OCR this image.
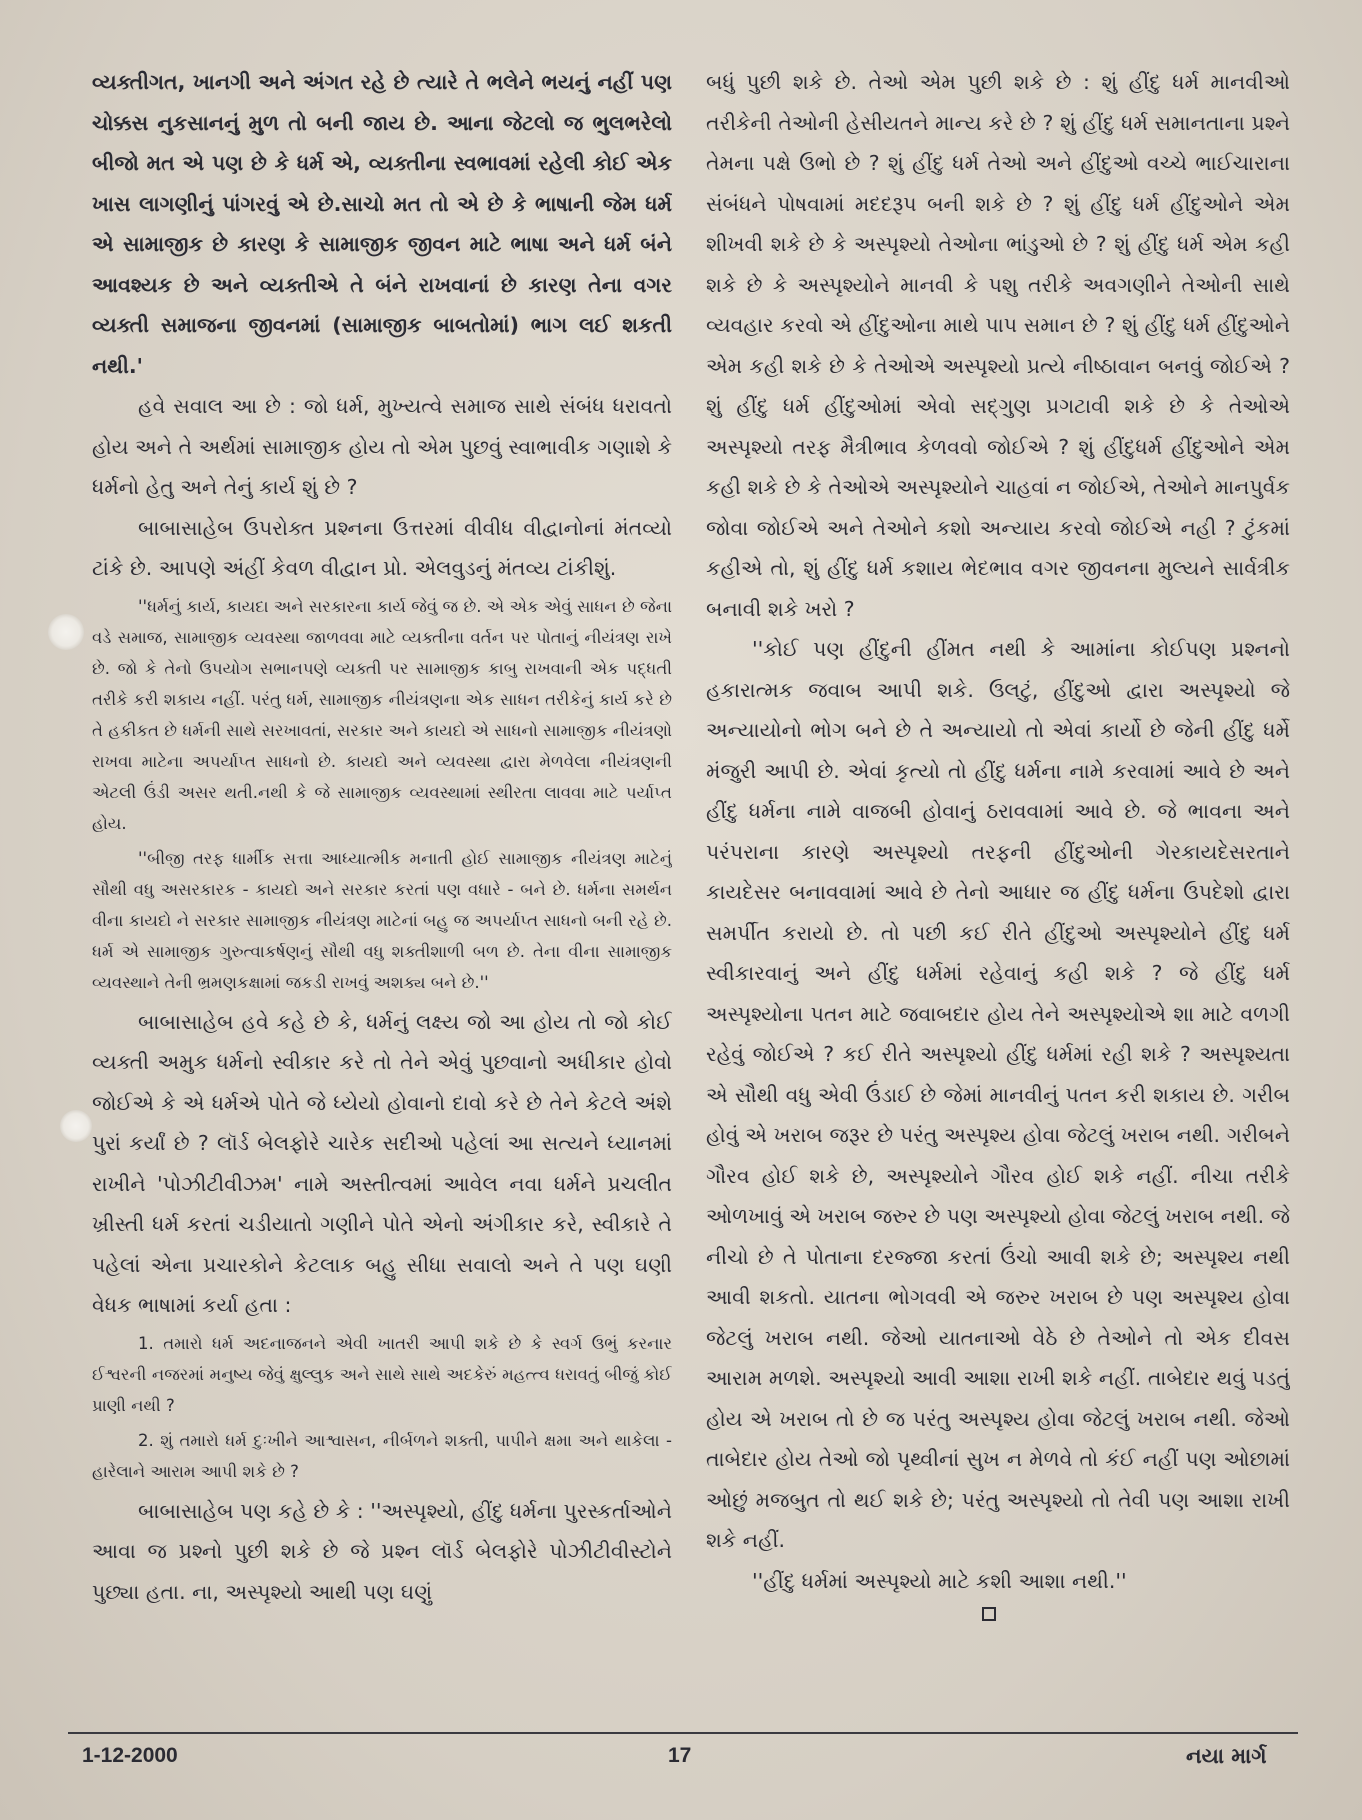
વ્યક્તીગત, ખાનગી અને અંગત રહે છે ત્યારે તે ભલેને ભયનું નહીં પણ ચોક્કસ નુકસાનનું મુળ તો બની જાય છે. આના જેટલો જ ભુલભરેલો બીજો મત એ પણ છે કે ધર્મ એ, વ્યક્તીના સ્વભાવમાં રહેલી કોઈ એક ખાસ લાગણીનું પાંગરવું એ છે.સાચો મત તો એ છે કે ભાષાની જેમ ધર્મ એ સામાજીક છે કારણ કે સામાજીક જીવન માટે ભાષા અને ધર્મ બંને આવશ્યક છે અને વ્યક્તીએ તે બંને રાખવાનાં છે કારણ તેના વગર વ્યક્તી સમાજના જીવનમાં (સામાજીક બાબતોમાં) ભાગ લઈ શકતી નથી.'

હવે સવાલ આ છે : જો ધર્મ, મુખ્યત્વે સમાજ સાથે સંબંધ ધરાવતો હોય અને તે અર્થમાં સામાજીક હોય તો એમ પુછવું સ્વાભાવીક ગણાશે કે ધર્મનો હેતુ અને તેનું કાર્ય શું છે ?

બાબાસાહેબ ઉપરોક્ત પ્રશ્નના ઉત્તરમાં વીવીધ વીદ્વાનોનાં મંતવ્યો ટાંકે છે. આપણે અંહીં કેવળ વીદ્વાન પ્રો. એલવુડનું મંતવ્ય ટાંકીશું.

''ધર્મનું કાર્ય, કાયદા અને સરકારના કાર્ય જેવું જ છે. એ એક એવું સાધન છે જેના વડે સમાજ, સામાજીક વ્યવસ્થા જાળવવા માટે વ્યક્તીના વર્તન પર પોતાનું નીયંત્રણ રાખે છે. જો કે તેનો ઉપયોગ સભાનપણે વ્યક્તી પર સામાજીક કાબુ રાખવાની એક પદ્ધતી તરીકે કરી શકાય નહીં. પરંતુ ધર્મ, સામાજીક નીયંત્રણના એક સાધન તરીકેનું કાર્ય કરે છે તે હકીકત છે ધર્મની સાથે સરખાવતાં, સરકાર અને કાયદો એ સાધનો સામાજીક નીયંત્રણો રાખવા માટેના અપર્યાપ્ત સાધનો છે. કાયદો અને વ્યવસ્થા દ્વારા મેળવેલા નીયંત્રણની એટલી ઉંડી અસર થતી.નથી કે જે સામાજીક વ્યવસ્થામાં સ્થીરતા લાવવા માટે પર્યાપ્ત હોય.

''બીજી તરફ ધાર્મીક સત્તા આધ્યાત્મીક મનાતી હોઈ સામાજીક નીયંત્રણ માટેનું સૌથી વધુ અસરકારક - કાયદો અને સરકાર કરતાં પણ વધારે - બને છે. ધર્મના સમર્થન વીના કાયદો ને સરકાર સામાજીક નીયંત્રણ માટેનાં બહુ જ અપર્યાપ્ત સાધનો બની રહે છે. ધર્મ એ સામાજીક ગુરુત્વાકર્ષણનું સૌથી વધુ શક્તીશાળી બળ છે. તેના વીના સામાજીક વ્યવસ્થાને તેની ભ્રમણકક્ષામાં જકડી રાખવું અશક્ય બને છે.''

બાબાસાહેબ હવે કહે છે કે, ધર્મનું લક્ષ્ય જો આ હોય તો જો કોઈ વ્યક્તી અમુક ધર્મનો સ્વીકાર કરે તો તેને એવું પુછવાનો અધીકાર હોવો જોઈએ કે એ ધર્મએ પોતે જે ધ્યેયો હોવાનો દાવો કરે છે તેને કેટલે અંશે પુરાં કર્યાં છે ? લૉર્ડ બેલફોરે ચારેક સદીઓ પહેલાં આ સત્યને ધ્યાનમાં રાખીને 'પોઝીટીવીઝમ' નામે અસ્તીત્વમાં આવેલ નવા ધર્મને પ્રચલીત ખ્રીસ્તી ધર્મ કરતાં ચડીયાતો ગણીને પોતે એનો અંગીકાર કરે, સ્વીકારે તે પહેલાં એના પ્રચારકોને કેટલાક બહુ સીધા સવાલો અને તે પણ ઘણી વેધક ભાષામાં કર્યા હતા :

1. તમારો ધર્મ અદનાજનને એવી ખાતરી આપી શકે છે કે સ્વર્ગ ઉભું કરનાર ઈશ્વરની નજરમાં મનુષ્ય જેવું ક્ષુલ્લુક અને સાથે સાથે અદકેરું મહત્ત્વ ધરાવતું બીજું કોઈ પ્રાણી નથી ?

2. શું તમારો ધર્મ દુઃખીને આશ્વાસન, નીર્બળને શક્તી, પાપીને ક્ષમા અને થાકેલા - હારેલાને આરામ આપી શકે છે ?

બાબાસાહેબ પણ કહે છે કે : ''અસ્પૃશ્યો, હીંદુ ધર્મના પુરસ્કર્તાઓને આવા જ પ્રશ્નો પુછી શકે છે જે પ્રશ્ન લૉર્ડ બેલફોરે પોઝીટીવીસ્ટોને પુછ્યા હતા. ના, અસ્પૃશ્યો આથી પણ ઘણું

બધું પુછી શકે છે. તેઓ એમ પુછી શકે છે : શું હીંદુ ધર્મ માનવીઓ તરીકેની તેઓની હેસીયતને માન્ય કરે છે ? શું હીંદુ ધર્મ સમાનતાના પ્રશ્ને તેમના પક્ષે ઉભો છે ? શું હીંદુ ધર્મ તેઓ અને હીંદુઓ વચ્ચે ભાઈચારાના સંબંધને પોષવામાં મદદરૂપ બની શકે છે ? શું હીંદુ ધર્મ હીંદુઓને એમ શીખવી શકે છે કે અસ્પૃશ્યો તેઓના ભાંડુઓ છે ? શું હીંદુ ધર્મ એમ કહી શકે છે કે અસ્પૃશ્યોને માનવી કે પશુ તરીકે અવગણીને તેઓની સાથે વ્યવહાર કરવો એ હીંદુઓના માથે પાપ સમાન છે ? શું હીંદુ ધર્મ હીંદુઓને એમ કહી શકે છે કે તેઓએ અસ્પૃશ્યો પ્રત્યે નીષ્ઠાવાન બનવું જોઈએ ? શું હીંદુ ધર્મ હીંદુઓમાં એવો સદ્ગુણ પ્રગટાવી શકે છે કે તેઓએ અસ્પૃશ્યો તરફ મૈત્રીભાવ કેળવવો જોઈએ ? શું હીંદુધર્મ હીંદુઓને એમ કહી શકે છે કે તેઓએ અસ્પૃશ્યોને ચાહવાં ન જોઈએ, તેઓને માનપુર્વક જોવા જોઈએ અને તેઓને કશો અન્યાય કરવો જોઈએ નહી ? ટુંકમાં કહીએ તો, શું હીંદુ ધર્મ કશાય ભેદભાવ વગર જીવનના મુલ્યને સાર્વત્રીક બનાવી શકે ખરો ?

''કોઈ પણ હીંદુની હીંમત નથી કે આમાંના કોઈપણ પ્રશ્નનો હકારાત્મક જવાબ આપી શકે. ઉલટું, હીંદુઓ દ્વારા અસ્પૃશ્યો જે અન્યાયોનો ભોગ બને છે તે અન્યાયો તો એવાં કાર્યો છે જેની હીંદુ ધર્મે મંજુરી આપી છે. એવાં કૃત્યો તો હીંદુ ધર્મના નામે કરવામાં આવે છે અને હીંદુ ધર્મના નામે વાજબી હોવાનું ઠરાવવામાં આવે છે. જે ભાવના અને પરંપરાના કારણે અસ્પૃશ્યો તરફની હીંદુઓની ગેરકાયદેસરતાને કાયદેસર બનાવવામાં આવે છે તેનો આધાર જ હીંદુ ધર્મના ઉપદેશો દ્વારા સમર્પીત કરાયો છે. તો પછી કઈ રીતે હીંદુઓ અસ્પૃશ્યોને હીંદુ ધર્મ સ્વીકારવાનું અને હીંદુ ધર્મમાં રહેવાનું કહી શકે ? જે હીંદુ ધર્મ અસ્પૃશ્યોના પતન માટે જવાબદાર હોય તેને અસ્પૃશ્યોએ શા માટે વળગી રહેવું જોઈએ ? કઈ રીતે અસ્પૃશ્યો હીંદુ ધર્મમાં રહી શકે ? અસ્પૃશ્યતા એ સૌથી વધુ એવી ઉંડાઈ છે જેમાં માનવીનું પતન કરી શકાય છે. ગરીબ હોવું એ ખરાબ જરૂર છે પરંતુ અસ્પૃશ્ય હોવા જેટલું ખરાબ નથી. ગરીબને ગૌરવ હોઈ શકે છે, અસ્પૃશ્યોને ગૌરવ હોઈ શકે નહીં. નીચા તરીકે ઓળખાવું એ ખરાબ જરુર છે પણ અસ્પૃશ્યો હોવા જેટલું ખરાબ નથી. જે નીચો છે તે પોતાના દરજ્જા કરતાં ઉંચો આવી શકે છે; અસ્પૃશ્ય નથી આવી શકતો. યાતના ભોગવવી એ જરુર ખરાબ છે પણ અસ્પૃશ્ય હોવા જેટલું ખરાબ નથી. જેઓ યાતનાઓ વેઠે છે તેઓને તો એક દીવસ આરામ મળશે. અસ્પૃશ્યો આવી આશા રાખી શકે નહીં. તાબેદાર થવું પડતું હોય એ ખરાબ તો છે જ પરંતુ અસ્પૃશ્ય હોવા જેટલું ખરાબ નથી. જેઓ તાબેદાર હોય તેઓ જો પૃથ્વીનાં સુખ ન મેળવે તો કંઈ નહીં પણ ઓછામાં ઓછું મજબુત તો થઈ શકે છે; પરંતુ અસ્પૃશ્યો તો તેવી પણ આશા રાખી શકે નહીં.

''હીંદુ ધર્મમાં અસ્પૃશ્યો માટે કશી આશા નથી.''

1-12-2000	17	નયા માર્ગ
